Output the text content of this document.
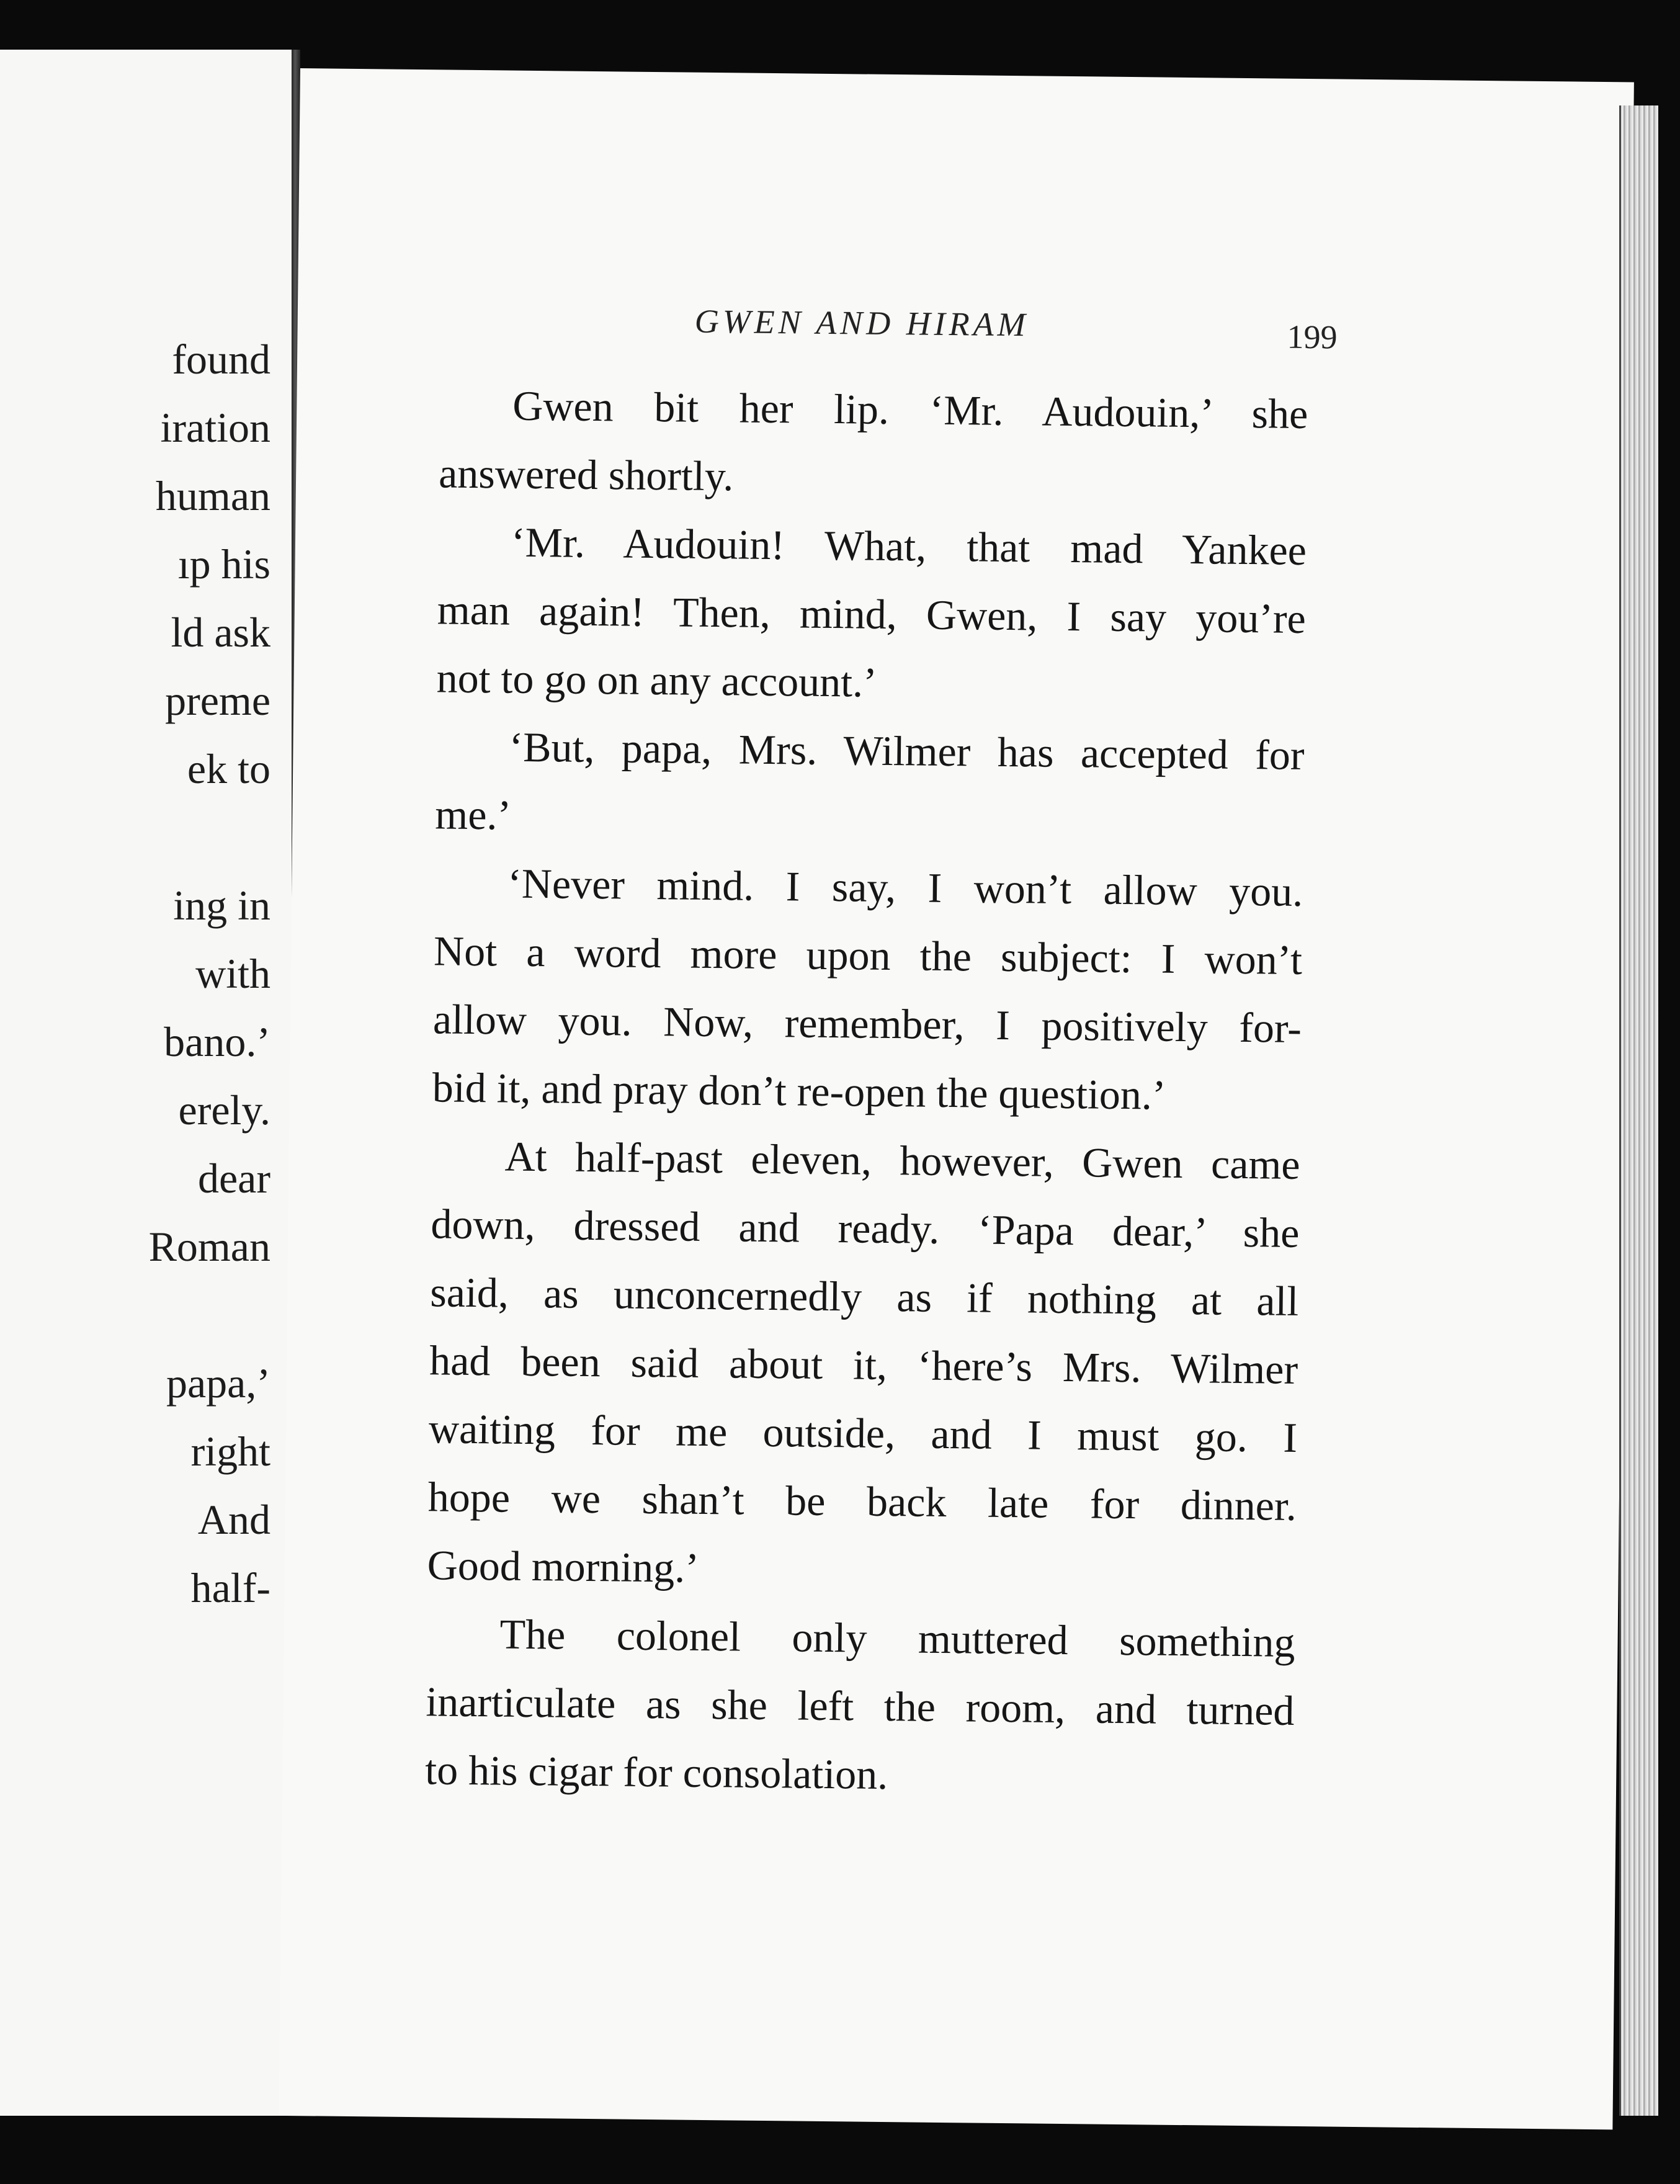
found
iration
human
ıp his
ld ask
preme
ek to
ing in
with
bano.’
erely.
dear
Roman
papa,’
right
And
half-
GWEN AND HIRAM	199
Gwen bit her lip. ‘Mr. Audouin,’ she
answered shortly.
‘Mr. Audouin! What, that mad Yankee
man again! Then, mind, Gwen, I say you’re
not to go on any account.’
‘But, papa, Mrs. Wilmer has accepted for
me.’
‘Never mind. I say, I won’t allow you.
Not a word more upon the subject: I won’t
allow you. Now, remember, I positively for-
bid it, and pray don’t re-open the question.’
At half-past eleven, however, Gwen came
down, dressed and ready. ‘Papa dear,’ she
said, as unconcernedly as if nothing at all
had been said about it, ‘here’s Mrs. Wilmer
waiting for me outside, and I must go. I
hope we shan’t be back late for dinner.
Good morning.’
The colonel only muttered something
inarticulate as she left the room, and turned
to his cigar for consolation.
